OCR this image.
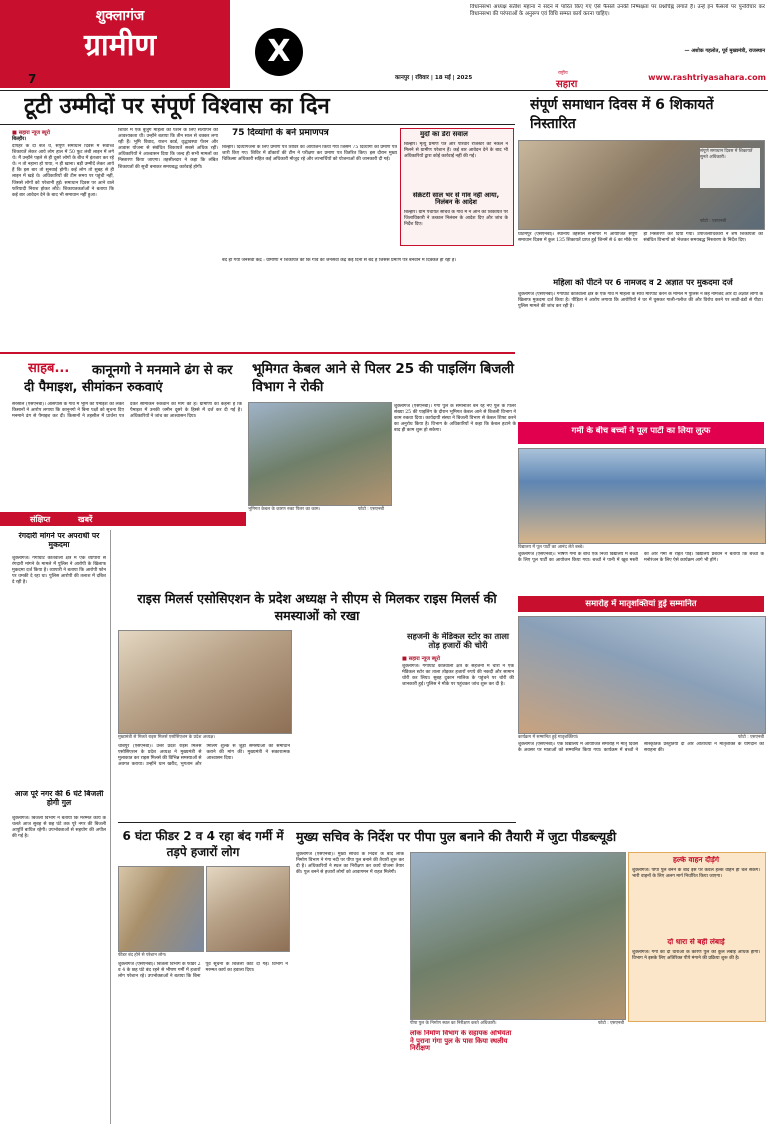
शुक्लागंज
ग्रामीण
7
X
विधानसभा अध्यक्ष सतीश महाना ने सदन में पारित किए गए ऐसे फैसले उनकी निष्पक्षता पर प्रश्नचिह्न लगाते हैं। उन्हें इन फैसलों पर पुनर्विचार कर विधानसभा की परंपराओं के अनुरूप एवं विधि सम्मत कार्य करना चाहिए।
— अशोक गहलोत, पूर्व मुख्यमंत्री, राजस्थान
कानपुर | रविवार | 18 मई | 2025
राष्ट्रीय
सहारा
www.rashtriyasahara.com
टूटी उम्मीदों पर संपूर्ण विश्वास का दिन
■ सहारा न्यूज ब्यूरो
बिल्हौर।
दोपहर के दो बजे थे, संपूर्ण समाधान दिवस में सर्वोच्च शिकायतें लेकर आये लोग हाल में 50 फुट लंबी लाइन में लगे थे। मैं उन्होंने पहले से ही दूसरे लोगों के बीच में इंतजार कर रहे थे। न तो नहाना हो पाया, न ही खाना। बड़ी उम्मीदें लेकर आये हैं कि इस बार तो सुनवाई होगी। कई लोग तो सुबह से ही लाइन में खड़े थे। अधिकारियों की टीम समय पर पहुंची नहीं, जिससे लोगों को परेशानी हुई। समाधान दिवस पर आने वाले फरियादी निराश होकर लौटे। शिकायतकर्ताओं ने बताया कि कई बार आवेदन देने के बाद भी समाधान नहीं हुआ।
शिविर में एक बुजुर्ग महिला को पेंशन के लिए सत्यापन की आवश्यकता थी। उन्होंने बताया कि तीन साल से चक्कर लगा रही हैं। भूमि विवाद, राशन कार्ड, वृद्धावस्था पेंशन और आवास योजना से संबंधित शिकायतें सबसे अधिक रहीं। अधिकारियों ने आश्वासन दिया कि जल्द ही सभी मामलों का निस्तारण किया जाएगा। तहसीलदार ने कहा कि लंबित शिकायतों की सूची बनाकर समयबद्ध कार्रवाई होगी।
75 दिव्यांगों के बने प्रमाणपत्र
बिल्हौर। दिव्यांगजनों के लिए प्रमाण पत्र शिविर का आयोजन किया गया जिसमें 75 दिव्यांगों को प्रमाण पत्र जारी किए गए। शिविर में डॉक्टरों की टीम ने परीक्षण कर प्रमाण पत्र वितरित किए। इस दौरान मुख्य चिकित्सा अधिकारी सहित कई अधिकारी मौजूद रहे और लाभार्थियों को योजनाओं की जानकारी दी गई।
मुर्दों का डेरा सवाल
बिल्हौर। मृत्यु प्रमाण पत्र और परिवार रजिस्टर की नकल न मिलने से ग्रामीण परेशान हैं। कई बार आवेदन देने के बाद भी अधिकारियों द्वारा कोई कार्रवाई नहीं की गई।
सेक्रेटरी साल भर से गांव नहीं आया, निलंबन के आदेश
बिल्हौर। ग्राम पंचायत सचिव के गांव में न आने की शिकायत पर जिलाधिकारी ने तत्काल निलंबन के आदेश दिए और जांच के निर्देश दिए।
बंद हो गया जनसेवा केंद्र : ग्रामीणों ने शिकायत की कि गांव का जनसेवा केंद्र कई दिनों से बंद है जिससे प्रमाण पत्र बनवाने में दिक्कत हो रही है।
संपूर्ण समाधान दिवस में 6 शिकायतें निस्तारित
संपूर्ण समाधान दिवस में शिकायतें सुनते अधिकारी।
फोटो : एसएनबी
घाटमपुर (एसएनबी)। स्थानीय तहसील सभागार में आयोजित संपूर्ण समाधान दिवस में कुल 135 शिकायतें प्राप्त हुईं जिनमें से 6 का मौके पर ही निस्तारण कर दिया गया। उपजिलाधिकारी ने शेष शिकायतों को संबंधित विभागों को भेजकर समयबद्ध निस्तारण के निर्देश दिए।
महिला को पीटने पर 6 नामजद व 2 अज्ञात पर मुकदमा दर्ज
शुक्लागंज (एसएनबी)। गंगाघाट कोतवाली क्षेत्र के एक गांव में महिला के साथ मारपीट करने के मामले में पुलिस ने छह नामजद और दो अज्ञात लोगों के खिलाफ मुकदमा दर्ज किया है। पीड़िता ने आरोप लगाया कि आरोपियों ने घर में घुसकर गाली-गलौज की और विरोध करने पर लाठी-डंडों से पीटा। पुलिस मामले की जांच कर रही है।
साहब...	कानूनगो ने मनमाने ढंग से कर दी पैमाइश, सीमांकन रुकवाएं
सरसौल (एसएनबी)। आसपास के गांव में भूमि की पैमाइश को लेकर किसानों ने आरोप लगाया कि कानूनगो ने बिना पक्षों को सूचना दिए मनमाने ढंग से पैमाइश कर दी। किसानों ने तहसील में प्रार्थना पत्र देकर सीमांकन रुकवाने की मांग की है। ग्रामीणों का कहना है कि पैमाइश में उनकी जमीन दूसरे के हिस्से में दर्ज कर दी गई है। अधिकारियों ने जांच का आश्वासन दिया।
भूमिगत केबल आने से पिलर 25 की पाइलिंग बिजली विभाग ने रोकी
भूमिगत केबल के कारण रुका पिलर का काम।	फोटो : एसएनबी
शुक्लागंज (एसएनबी)। गंगा पुल के समानांतर बन रहे नए पुल के पिलर संख्या 25 की पाइलिंग के दौरान भूमिगत केबल आने से बिजली विभाग ने काम रुकवा दिया। कार्यदायी संस्था ने बिजली विभाग से केबल शिफ्ट करने का अनुरोध किया है। विभाग के अधिकारियों ने कहा कि केबल हटाने के बाद ही काम शुरू हो सकेगा।	गर्मी के बीच बच्चों ने पूल पार्टी का लिया लुत्फ
विद्यालय में पूल पार्टी का आनंद लेते बच्चे।
शुक्लागंज (एसएनबी)। भीषण गर्मी के बीच एक निजी विद्यालय में बच्चों के लिए पूल पार्टी का आयोजन किया गया। बच्चों ने पानी में खूब मस्ती की और गर्मी से राहत पाई। विद्यालय प्रबंधन ने बताया कि बच्चों के मनोरंजन के लिए ऐसे कार्यक्रम आगे भी होंगे।
संक्षिप्त	खबरें
रंगदारी मांगने पर अपराधी पर मुकदमा
शुक्लागंज। गंगाघाट कोतवाली क्षेत्र में एक व्यापारी से रंगदारी मांगने के मामले में पुलिस ने आरोपी के खिलाफ मुकदमा दर्ज किया है। व्यापारी ने बताया कि आरोपी फोन पर धमकी दे रहा था। पुलिस आरोपी की तलाश में दबिश दे रही है।
आज पूरे नगर की 6 घंटे बिजली होगी गुल
शुक्लागंज। बिजली विभाग ने बताया कि मरम्मत कार्य के चलते आज सुबह से छह घंटे तक पूरे नगर की बिजली आपूर्ति बाधित रहेगी। उपभोक्ताओं से सहयोग की अपील की गई है।
राइस मिलर्स एसोसिएशन के प्रदेश अध्यक्ष ने सीएम से मिलकर राइस मिलर्स की समस्याओं को रखा
मुख्यमंत्री से मिलते राइस मिलर्स एसोसिएशन के प्रदेश अध्यक्ष।
चौबेपुर (एसएनबी)। उत्तर प्रदेश राइस मिलर्स एसोसिएशन के प्रदेश अध्यक्ष ने मुख्यमंत्री से मुलाकात कर राइस मिलर्स की विभिन्न समस्याओं से अवगत कराया। उन्होंने धान खरीद, भुगतान और मिलिंग शुल्क से जुड़ी समस्याओं का समाधान कराने की मांग की। मुख्यमंत्री ने सकारात्मक आश्वासन दिया।
सहजनी के मेडिकल स्टोर का ताला तोड़ हजारों की चोरी
■ सहारा न्यूज ब्यूरो
शुक्लागंज। गंगाघाट कोतवाली क्षेत्र के सहजनी में चोरों ने एक मेडिकल स्टोर का ताला तोड़कर हजारों रुपये की नकदी और सामान चोरी कर लिया। सुबह दुकान मालिक के पहुंचने पर चोरी की जानकारी हुई। पुलिस ने मौके पर पहुंचकर जांच शुरू कर दी है।
समारोह में मातृशक्तियां हुई सम्मानित
कार्यक्रम में सम्मानित हुई मातृशक्तियां।	फोटो : एसएनबी
शुक्लागंज (एसएनबी)। एक विद्यालय में आयोजित समारोह में मातृ दिवस के अवसर पर माताओं को सम्मानित किया गया। कार्यक्रम में बच्चों ने सांस्कृतिक प्रस्तुतियां दीं और अतिथियों ने मातृशक्ति के योगदान की सराहना की।
6 घंटा फीडर 2 व 4 रहा बंद गर्मी में तड़पे हजारों लोग
फीडर बंद होने से परेशान लोग।
शुक्लागंज (एसएनबी)। बिजली विभाग के फीडर 2 व 4 के छह घंटे बंद रहने से भीषण गर्मी में हजारों लोग परेशान रहे। उपभोक्ताओं ने बताया कि बिना पूर्व सूचना के बिजली काट दी गई। विभाग ने मरम्मत कार्य का हवाला दिया।
मुख्य सचिव के निर्देश पर पीपा पुल बनाने की तैयारी में जुटा पीडब्ल्यूडी
शुक्लागंज (एसएनबी)। मुख्य सचिव के निर्देश के बाद लोक निर्माण विभाग ने गंगा नदी पर पीपा पुल बनाने की तैयारी शुरू कर दी है। अधिकारियों ने स्थल का निरीक्षण कर कार्य योजना तैयार की। पुल बनने से हजारों लोगों को आवागमन में राहत मिलेगी।
पीपा पुल के निर्माण स्थल का निरीक्षण करते अधिकारी।	फोटो : एसएनबी
लोक निर्माण विभाग के सहायक अभियंता ने पुराना गंगा पुल के पास किया स्थलीय निरीक्षण
हल्के वाहन दौड़ेंगे
शुक्लागंज। पीपा पुल बनने के बाद इस पर केवल हल्के वाहन ही चल सकेंगे। भारी वाहनों के लिए अलग मार्ग निर्धारित किया जाएगा।
दो धारा से बही लंबाई
शुक्लागंज। गंगा की दो धाराओं के कारण पुल की कुल लंबाई अधिक होगी। विभाग ने इसके लिए अतिरिक्त पीपे मंगाने की प्रक्रिया शुरू की है।
